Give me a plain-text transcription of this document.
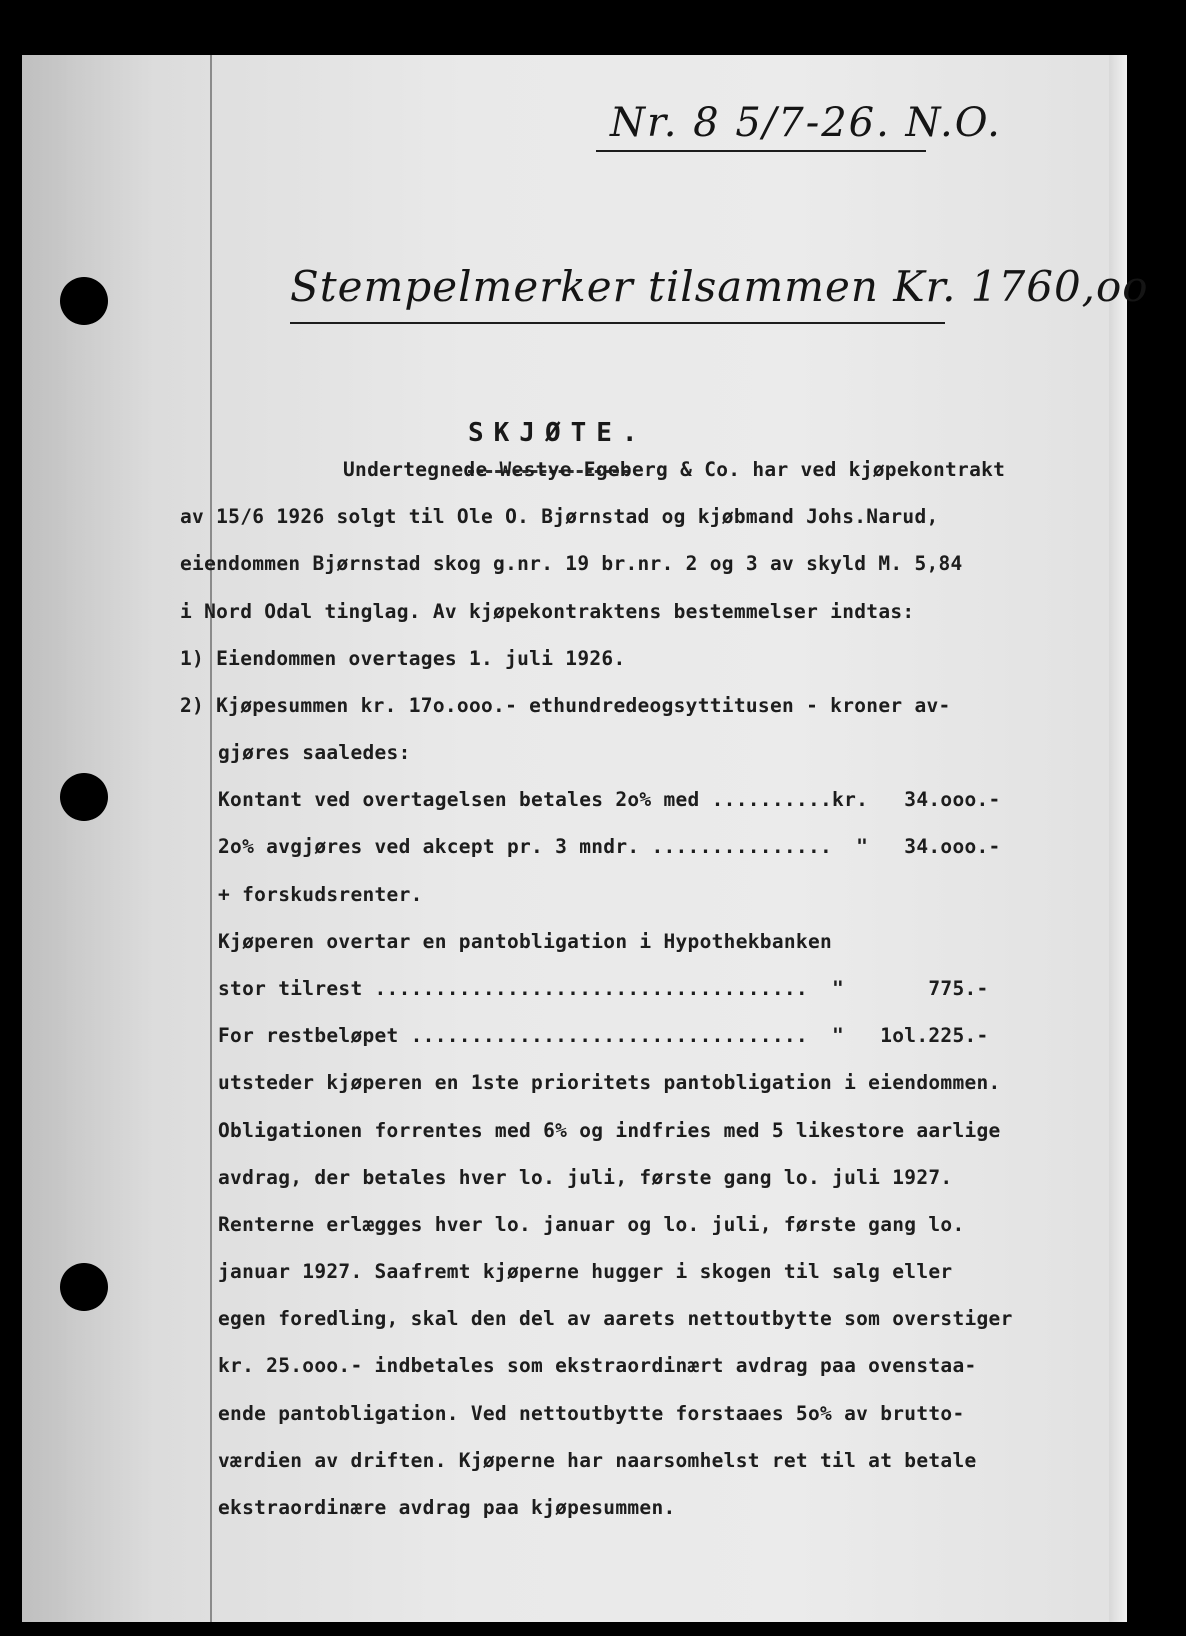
Nr. 8 5/7-26. N.O.
Stempelmerker tilsammen Kr. 1760,oo
SKJØTE.
Undertegnede Westye Egeberg & Co. har ved kjøpekontrakt
av 15/6 1926 solgt til Ole O. Bjørnstad og kjøbmand Johs.Narud,
eiendommen Bjørnstad skog g.nr. 19 br.nr. 2 og 3 av skyld M. 5,84
i Nord Odal tinglag. Av kjøpekontraktens bestemmelser indtas:
1) Eiendommen overtages 1. juli 1926.
2) Kjøpesummen kr. 17o.ooo.- ethundredeogsyttitusen - kroner av-
gjøres saaledes:
Kontant ved overtagelsen betales 2o% med ..........kr.   34.ooo.-
2o% avgjøres ved akcept pr. 3 mndr. ...............  "   34.ooo.-
+ forskudsrenter.
Kjøperen overtar en pantobligation i Hypothekbanken
stor tilrest ....................................  "       775.-
For restbeløpet .................................  "   1ol.225.-
utsteder kjøperen en 1ste prioritets pantobligation i eiendommen.
Obligationen forrentes med 6% og indfries med 5 likestore aarlige
avdrag, der betales hver lo. juli, første gang lo. juli 1927.
Renterne erlægges hver lo. januar og lo. juli, første gang lo.
januar 1927. Saafremt kjøperne hugger i skogen til salg eller
egen foredling, skal den del av aarets nettoutbytte som overstiger
kr. 25.ooo.- indbetales som ekstraordinært avdrag paa ovenstaa-
ende pantobligation. Ved nettoutbytte forstaaes 5o% av brutto-
værdien av driften. Kjøperne har naarsomhelst ret til at betale
ekstraordinære avdrag paa kjøpesummen.
